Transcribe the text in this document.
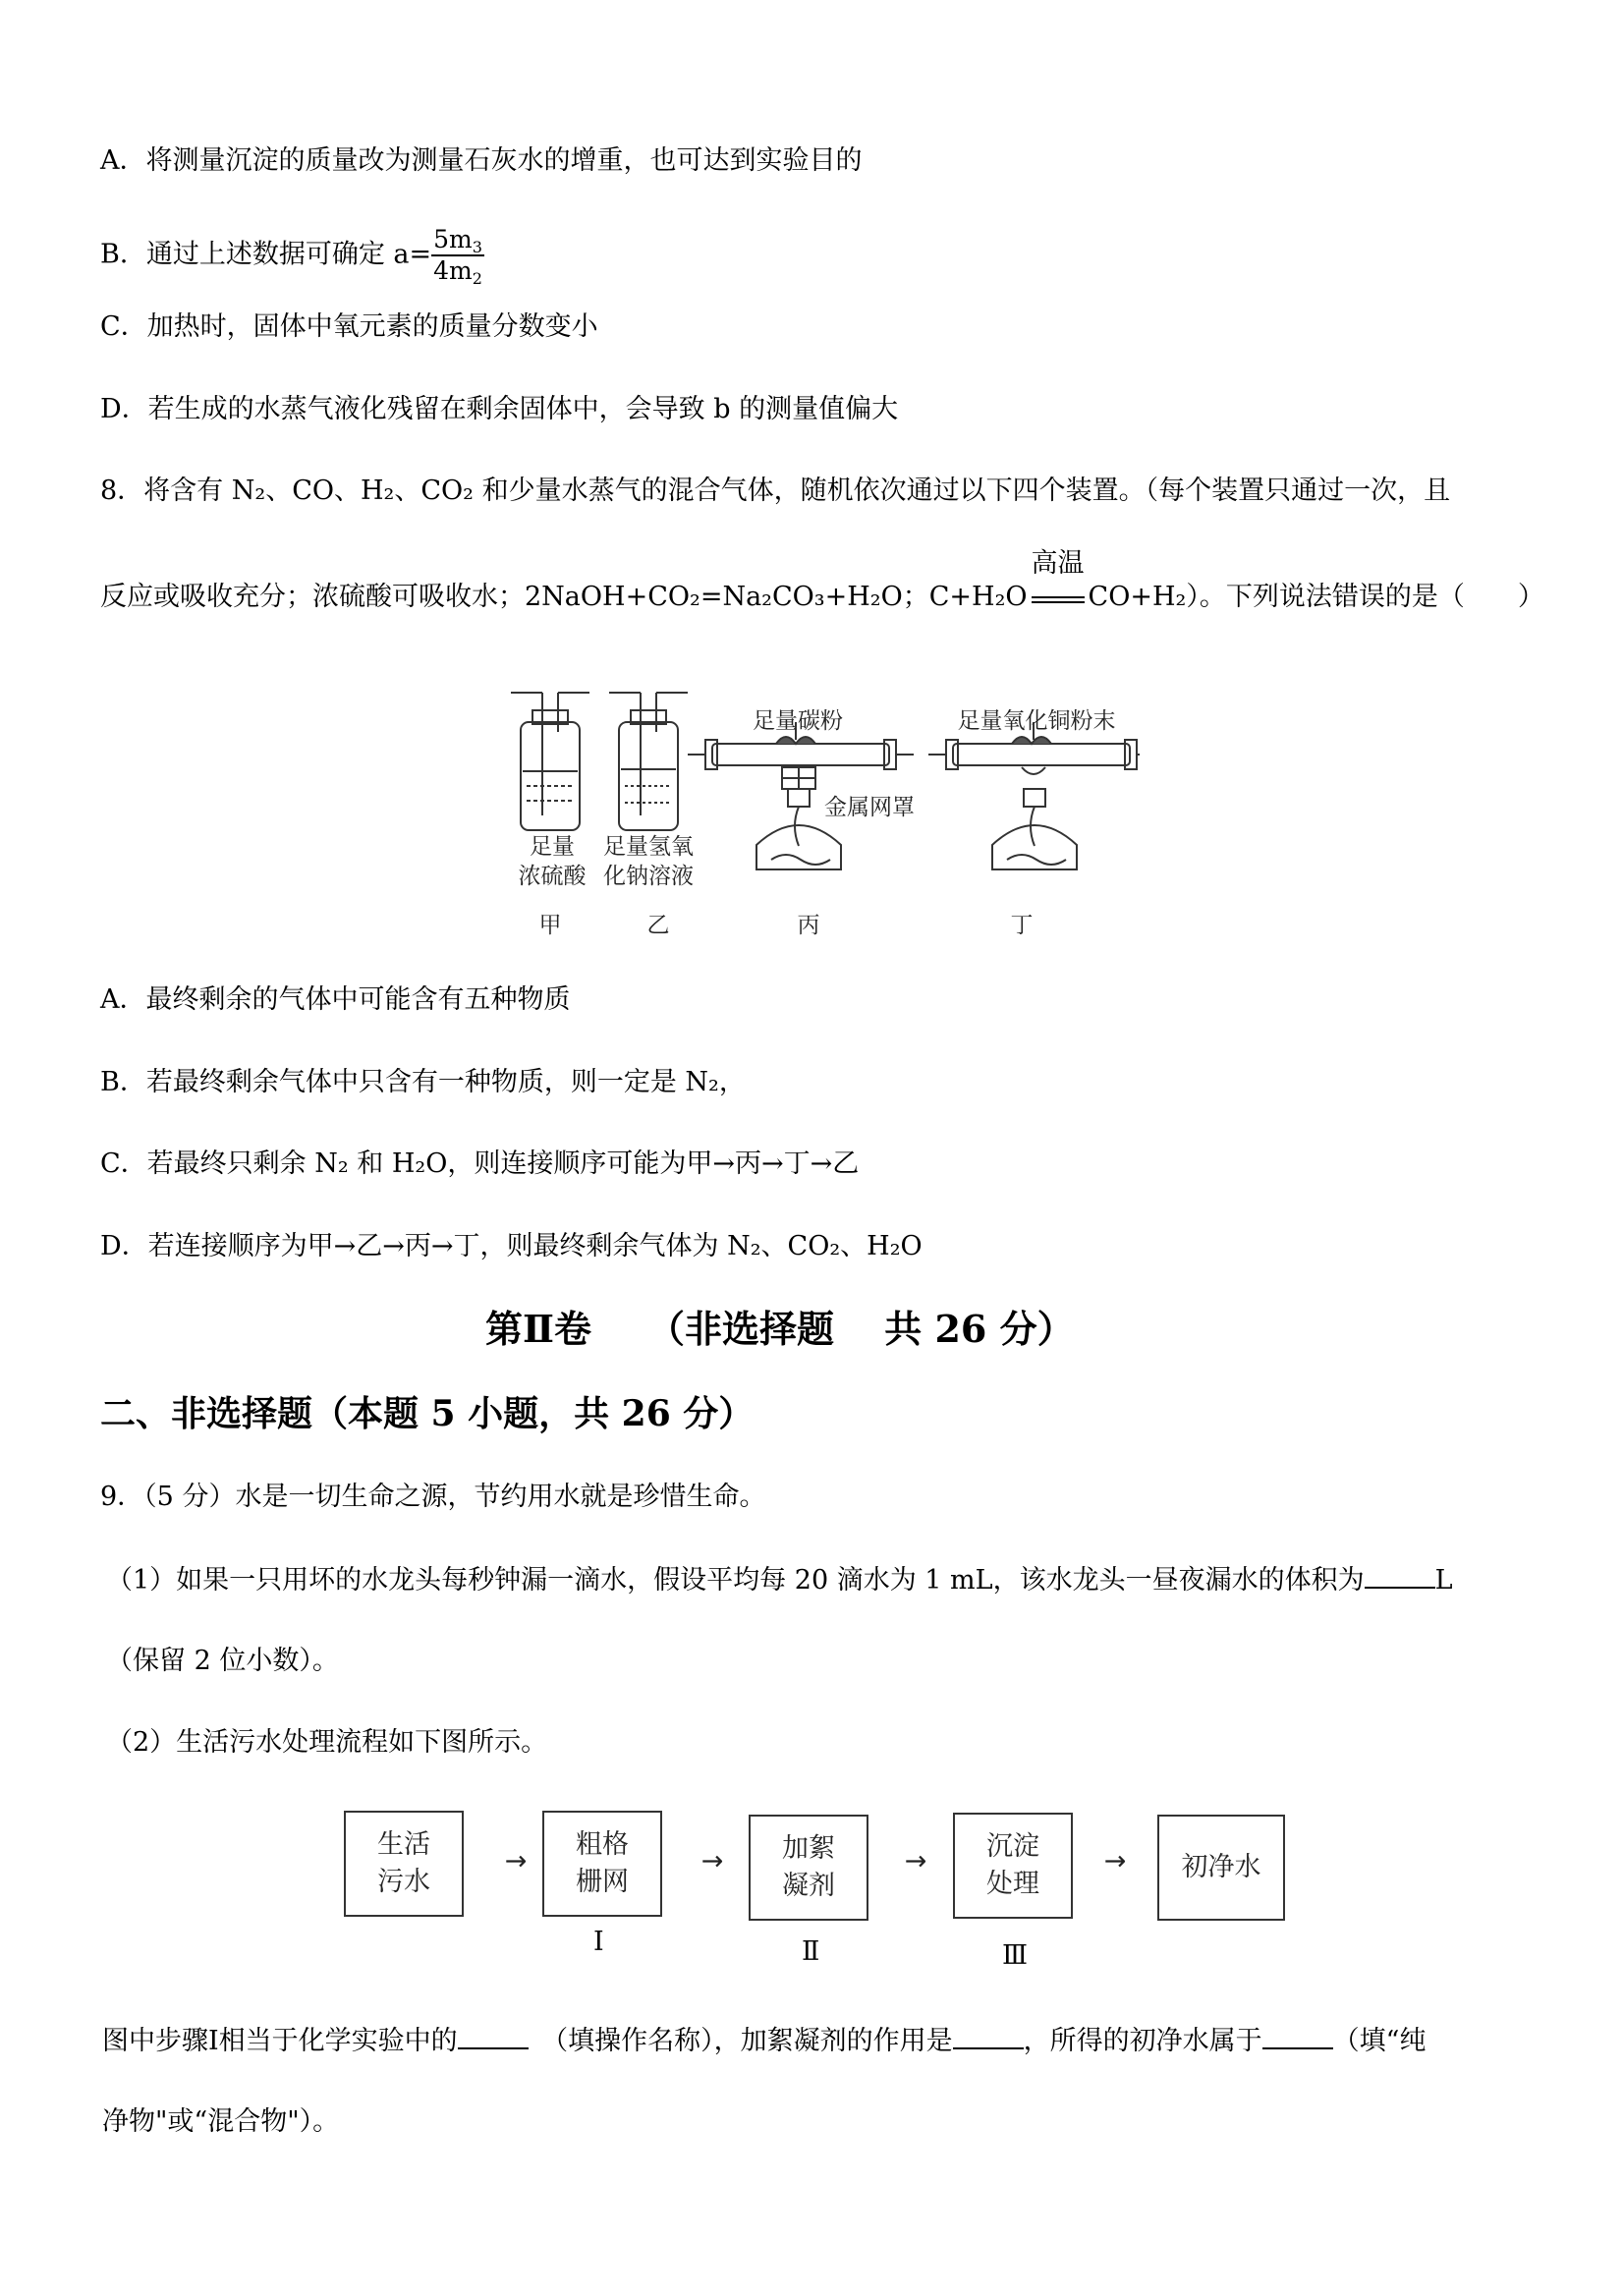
A．将测量沉淀的质量改为测量石灰水的增重，也可达到实验目的
B．通过上述数据可确定 $a= \frac{5m_3}{4m_2}$
C．加热时，固体中氧元素的质量分数变小
D．若生成的水蒸气液化残留在剩余固体中，会导致 b 的测量值偏大
8．将含有 N₂、CO、H₂、CO₂ 和少量水蒸气的混合气体，随机依次通过以下四个装置。（每个装置只通过一次，且
反应或吸收充分；浓硫酸可吸收水；2NaOH+CO₂=Na₂CO₃+H₂O；C+H₂O
高温
CO+H₂）。下列说法错误的是（　　）
足量
浓硫酸
足量氢氧
化钠溶液
足量碳粉
金属网罩
足量氧化铜粉末
甲	乙	丙	丁
A．最终剩余的气体中可能含有五种物质
B．若最终剩余气体中只含有一种物质，则一定是 N₂，
C．若最终只剩余 N₂ 和 H₂O，则连接顺序可能为甲→丙→丁→乙
D．若连接顺序为甲→乙→丙→丁，则最终剩余气体为 N₂、CO₂、H₂O
第Ⅱ卷　　（非选择题　 共 26 分）
二、非选择题（本题 5 小题，共 26 分）
9．（5 分）水是一切生命之源，节约用水就是珍惜生命。
（1）如果一只用坏的水龙头每秒钟漏一滴水，假设平均每 20 滴水为 1 mL，该水龙头一昼夜漏水的体积为	L
（保留 2 位小数）。
（2）生活污水处理流程如下图所示。
生活
污水
→
粗格
栅网
→	加絮
凝剂
→	沉淀
处理
→	初净水
Ⅰ	Ⅱ	Ⅲ
图中步骤Ⅰ相当于化学实验中的　	（填操作名称），加絮凝剂的作用是	，所得的初净水属于	（填“纯
净物"或“混合物"）。
